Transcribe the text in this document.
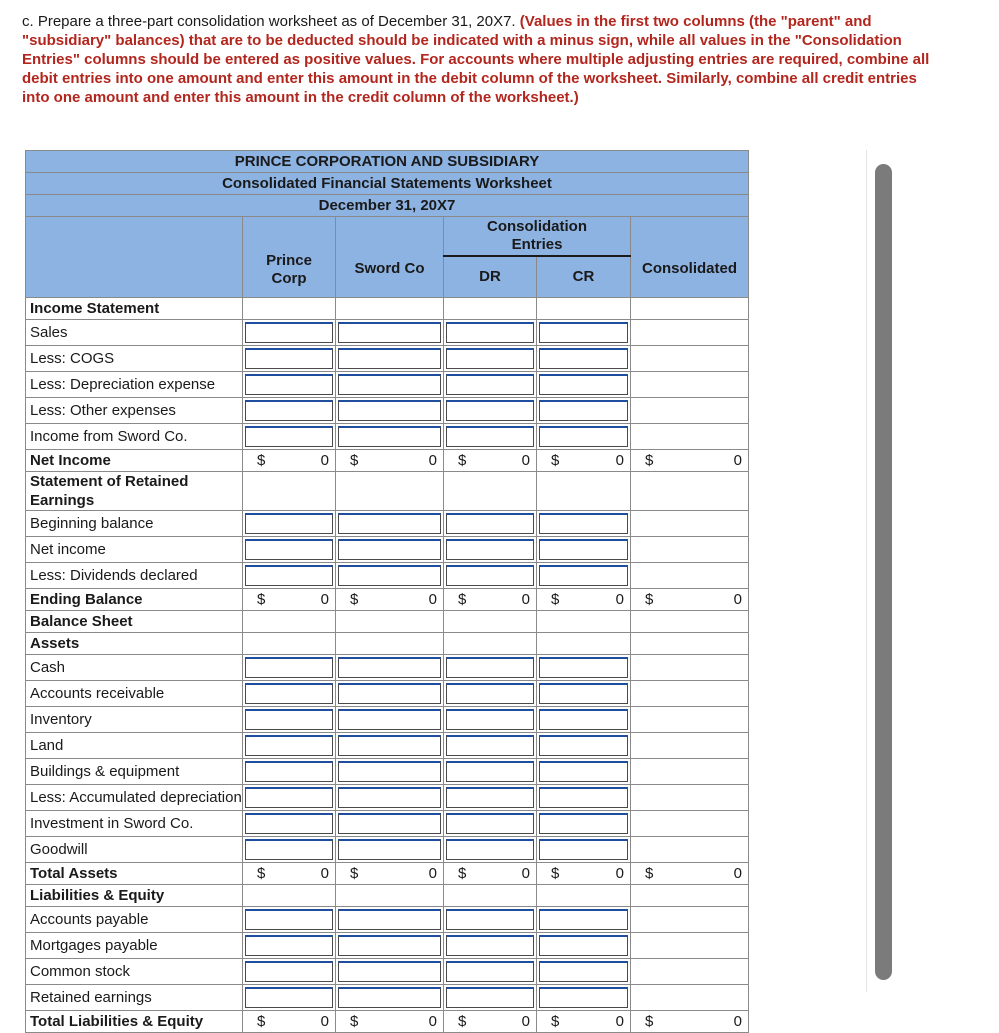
c. Prepare a three-part consolidation worksheet as of December 31, 20X7. (Values in the first two columns (the "parent" and "subsidiary" balances) that are to be deducted should be indicated with a minus sign, while all values in the "Consolidation Entries" columns should be entered as positive values. For accounts where multiple adjusting entries are required, combine all debit entries into one amount and enter this amount in the debit column of the worksheet. Similarly, combine all credit entries into one amount and enter this amount in the credit column of the worksheet.)
PRINCE CORPORATION AND SUBSIDIARY					
Consolidated Financial Statements Worksheet					
December 31, 20X7					

	Prince Corp	Sword Co	Consolidation Entries		Consolidated
			DR	CR	
Income Statement					
Sales	

Less: COGS	

Less: Depreciation expense	

Less: Other expenses	

Income from Sword Co.	

Net Income	$ 0	$ 0	$ 0	$ 0	$ 0

Statement of Retained Earnings					
Beginning balance	

Net income	

Less: Dividends declared	

Ending Balance	$ 0	$ 0	$ 0	$ 0	$ 0

Balance Sheet					
Assets					
Cash	

Accounts receivable	

Inventory	

Land	

Buildings & equipment	

Less: Accumulated depreciation	

Investment in Sword Co.	

Goodwill	

Total Assets	$ 0	$ 0	$ 0	$ 0	$ 0

Liabilities & Equity					
Accounts payable	

Mortgages payable	

Common stock	

Retained earnings	

Total Liabilities & Equity	$ 0	$ 0	$ 0	$ 0	$ 0
